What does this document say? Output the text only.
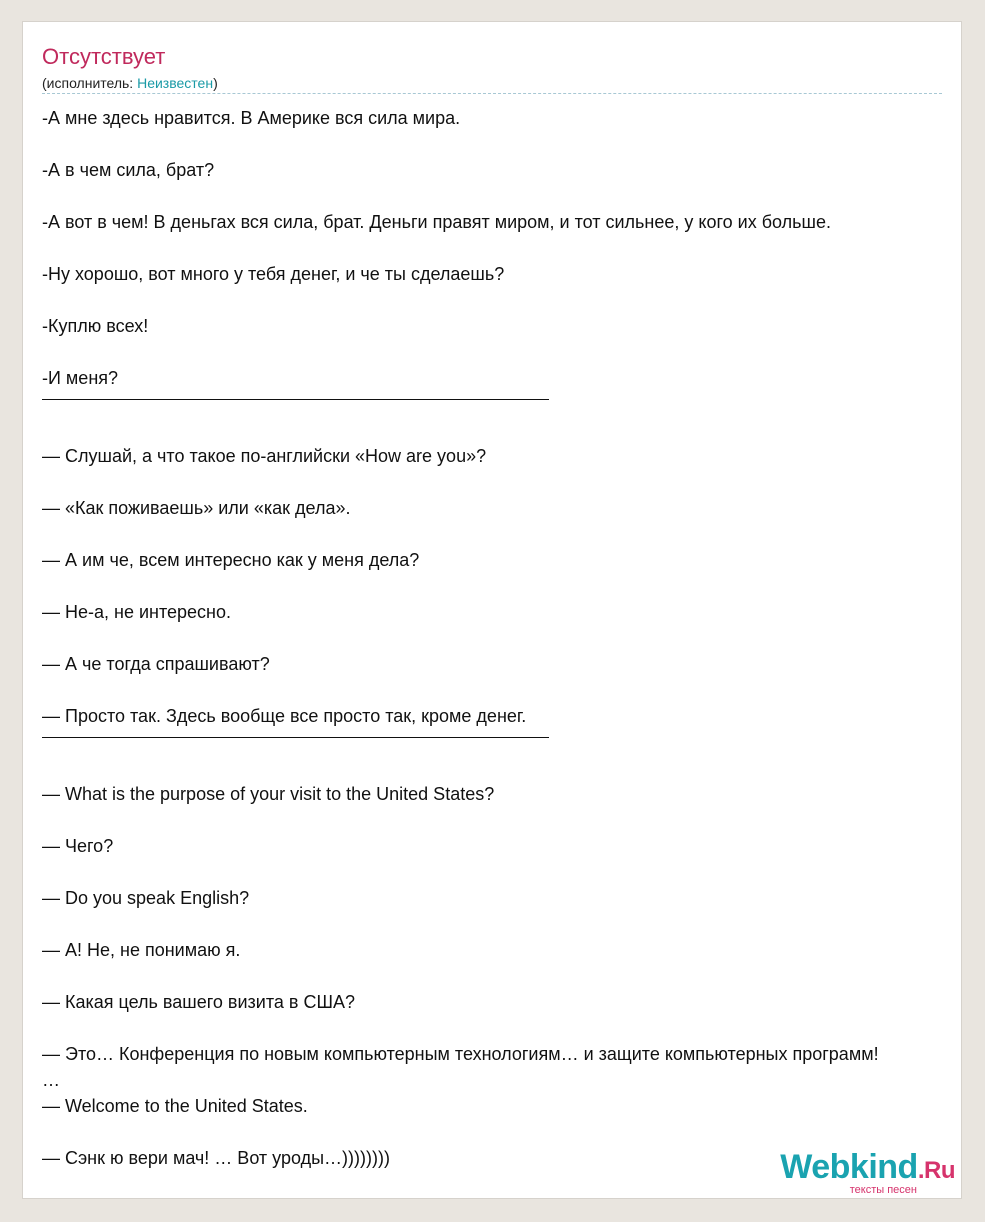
Отсутствует
(исполнитель: Неизвестен)
-А мне здесь нравится. В Америке вся сила мира.
-А в чем сила, брат?
-А вот в чем! В деньгах вся сила, брат. Деньги правят миром, и тот сильнее, у кого их больше.
-Ну хорошо, вот много у тебя денег, и че ты сделаешь?
-Куплю всех!
-И меня?
— Слушай, а что такое по-английски «How are you»?
— «Как поживаешь» или «как дела».
— А им че, всем интересно как у меня дела?
— Не-а, не интересно.
— А че тогда спрашивают?
— Просто так. Здесь вообще все просто так, кроме денег.
— What is the purpose of your visit to the United States?
— Чего?
— Do you speak English?
— А! Не, не понимаю я.
— Какая цель вашего визита в США?
— Это… Конференция по новым компьютерным технологиям… и защите компьютерных программ!
…
— Welcome to the United States.
— Сэнк ю вери мач! … Вот уроды…))))))))	Webkind.Ru
тексты песен
